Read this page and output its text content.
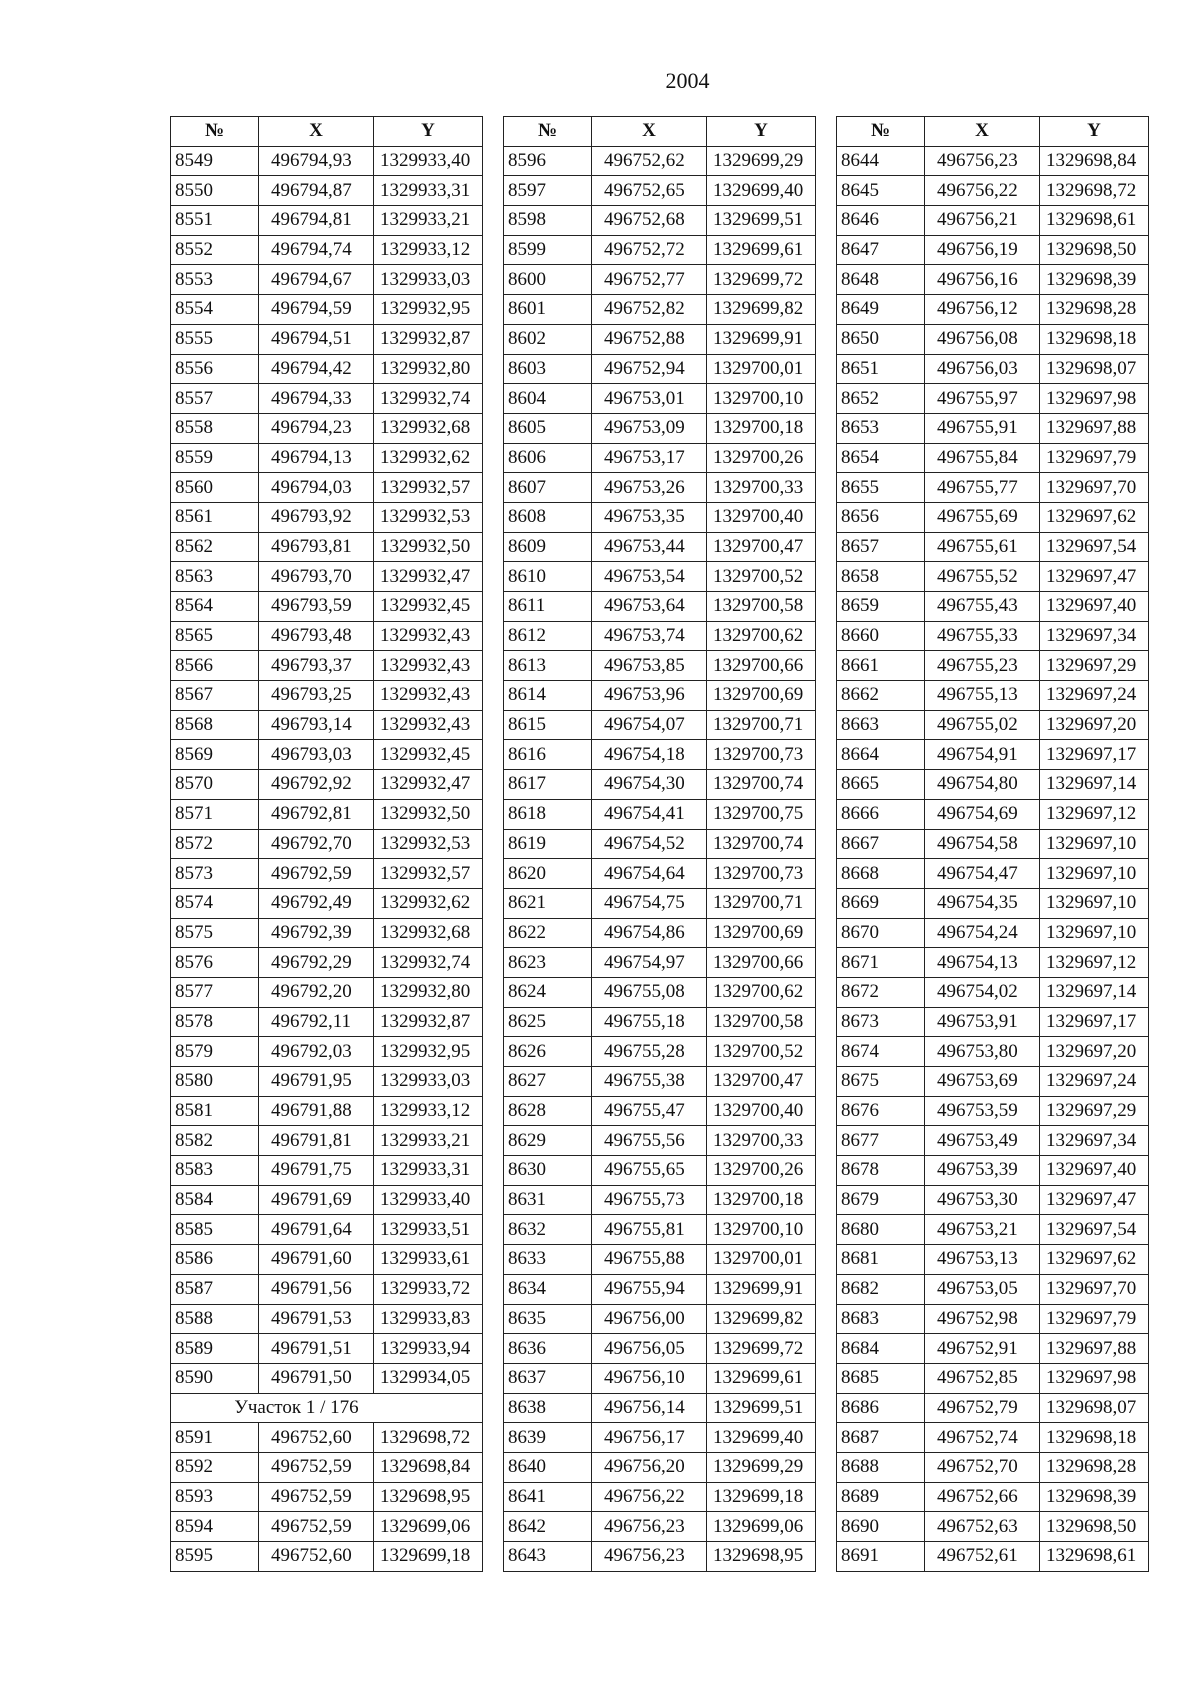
2004
№	X	Y
8549	496794,93	1329933,40
8550	496794,87	1329933,31
8551	496794,81	1329933,21
8552	496794,74	1329933,12
8553	496794,67	1329933,03
8554	496794,59	1329932,95
8555	496794,51	1329932,87
8556	496794,42	1329932,80
8557	496794,33	1329932,74
8558	496794,23	1329932,68
8559	496794,13	1329932,62
8560	496794,03	1329932,57
8561	496793,92	1329932,53
8562	496793,81	1329932,50
8563	496793,70	1329932,47
8564	496793,59	1329932,45
8565	496793,48	1329932,43
8566	496793,37	1329932,43
8567	496793,25	1329932,43
8568	496793,14	1329932,43
8569	496793,03	1329932,45
8570	496792,92	1329932,47
8571	496792,81	1329932,50
8572	496792,70	1329932,53
8573	496792,59	1329932,57
8574	496792,49	1329932,62
8575	496792,39	1329932,68
8576	496792,29	1329932,74
8577	496792,20	1329932,80
8578	496792,11	1329932,87
8579	496792,03	1329932,95
8580	496791,95	1329933,03
8581	496791,88	1329933,12
8582	496791,81	1329933,21
8583	496791,75	1329933,31
8584	496791,69	1329933,40
8585	496791,64	1329933,51
8586	496791,60	1329933,61
8587	496791,56	1329933,72
8588	496791,53	1329933,83
8589	496791,51	1329933,94
8590	496791,50	1329934,05
Участок 1 / 176		
8591	496752,60	1329698,72
8592	496752,59	1329698,84
8593	496752,59	1329698,95
8594	496752,59	1329699,06
8595	496752,60	1329699,18
№	X	Y
8596	496752,62	1329699,29
8597	496752,65	1329699,40
8598	496752,68	1329699,51
8599	496752,72	1329699,61
8600	496752,77	1329699,72
8601	496752,82	1329699,82
8602	496752,88	1329699,91
8603	496752,94	1329700,01
8604	496753,01	1329700,10
8605	496753,09	1329700,18
8606	496753,17	1329700,26
8607	496753,26	1329700,33
8608	496753,35	1329700,40
8609	496753,44	1329700,47
8610	496753,54	1329700,52
8611	496753,64	1329700,58
8612	496753,74	1329700,62
8613	496753,85	1329700,66
8614	496753,96	1329700,69
8615	496754,07	1329700,71
8616	496754,18	1329700,73
8617	496754,30	1329700,74
8618	496754,41	1329700,75
8619	496754,52	1329700,74
8620	496754,64	1329700,73
8621	496754,75	1329700,71
8622	496754,86	1329700,69
8623	496754,97	1329700,66
8624	496755,08	1329700,62
8625	496755,18	1329700,58
8626	496755,28	1329700,52
8627	496755,38	1329700,47
8628	496755,47	1329700,40
8629	496755,56	1329700,33
8630	496755,65	1329700,26
8631	496755,73	1329700,18
8632	496755,81	1329700,10
8633	496755,88	1329700,01
8634	496755,94	1329699,91
8635	496756,00	1329699,82
8636	496756,05	1329699,72
8637	496756,10	1329699,61
8638	496756,14	1329699,51
8639	496756,17	1329699,40
8640	496756,20	1329699,29
8641	496756,22	1329699,18
8642	496756,23	1329699,06
8643	496756,23	1329698,95
№	X	Y
8644	496756,23	1329698,84
8645	496756,22	1329698,72
8646	496756,21	1329698,61
8647	496756,19	1329698,50
8648	496756,16	1329698,39
8649	496756,12	1329698,28
8650	496756,08	1329698,18
8651	496756,03	1329698,07
8652	496755,97	1329697,98
8653	496755,91	1329697,88
8654	496755,84	1329697,79
8655	496755,77	1329697,70
8656	496755,69	1329697,62
8657	496755,61	1329697,54
8658	496755,52	1329697,47
8659	496755,43	1329697,40
8660	496755,33	1329697,34
8661	496755,23	1329697,29
8662	496755,13	1329697,24
8663	496755,02	1329697,20
8664	496754,91	1329697,17
8665	496754,80	1329697,14
8666	496754,69	1329697,12
8667	496754,58	1329697,10
8668	496754,47	1329697,10
8669	496754,35	1329697,10
8670	496754,24	1329697,10
8671	496754,13	1329697,12
8672	496754,02	1329697,14
8673	496753,91	1329697,17
8674	496753,80	1329697,20
8675	496753,69	1329697,24
8676	496753,59	1329697,29
8677	496753,49	1329697,34
8678	496753,39	1329697,40
8679	496753,30	1329697,47
8680	496753,21	1329697,54
8681	496753,13	1329697,62
8682	496753,05	1329697,70
8683	496752,98	1329697,79
8684	496752,91	1329697,88
8685	496752,85	1329697,98
8686	496752,79	1329698,07
8687	496752,74	1329698,18
8688	496752,70	1329698,28
8689	496752,66	1329698,39
8690	496752,63	1329698,50
8691	496752,61	1329698,61
